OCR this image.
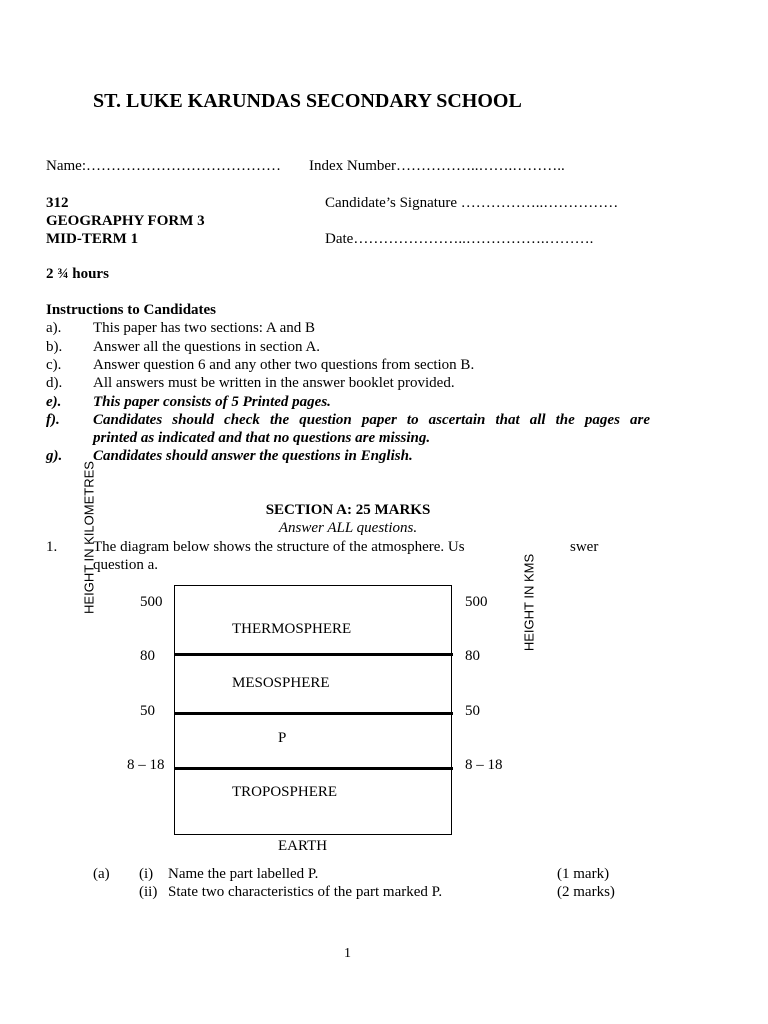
ST. LUKE KARUNDAS SECONDARY SCHOOL
Name:………………………………… Index Number……………..…….………..
312	Candidate’s Signature ……………..……………
GEOGRAPHY FORM 3
MID-TERM 1	Date…………………..…………….……….
2 ¾ hours
Instructions to Candidates
a).	This paper has two sections: A and B
b).	Answer all the questions in section A.
c).	Answer question 6 and any other two questions from section B.
d).	All answers must be written in the answer booklet provided.
e).	This paper consists of 5 Printed pages.
f).	Candidates should check the question paper to ascertain that all the pages are
printed as indicated and that no questions are missing.
g).	Candidates should answer the questions in English.
SECTION A: 25 MARKS
Answer ALL questions.
1. The diagram below shows the structure of the atmosphere. Us	swer
question a.
HEIGHT IN KILOMETRES	HEIGHT IN KMS
THERMOSPHERE
MESOSPHERE
P
TROPOSPHERE
500
80
50
8 – 18
500
80
50
8 – 18
EARTH
(a) (i) Name the part labelled P.	(1 mark)
(ii) State two characteristics of the part marked P.	(2 marks)
1
